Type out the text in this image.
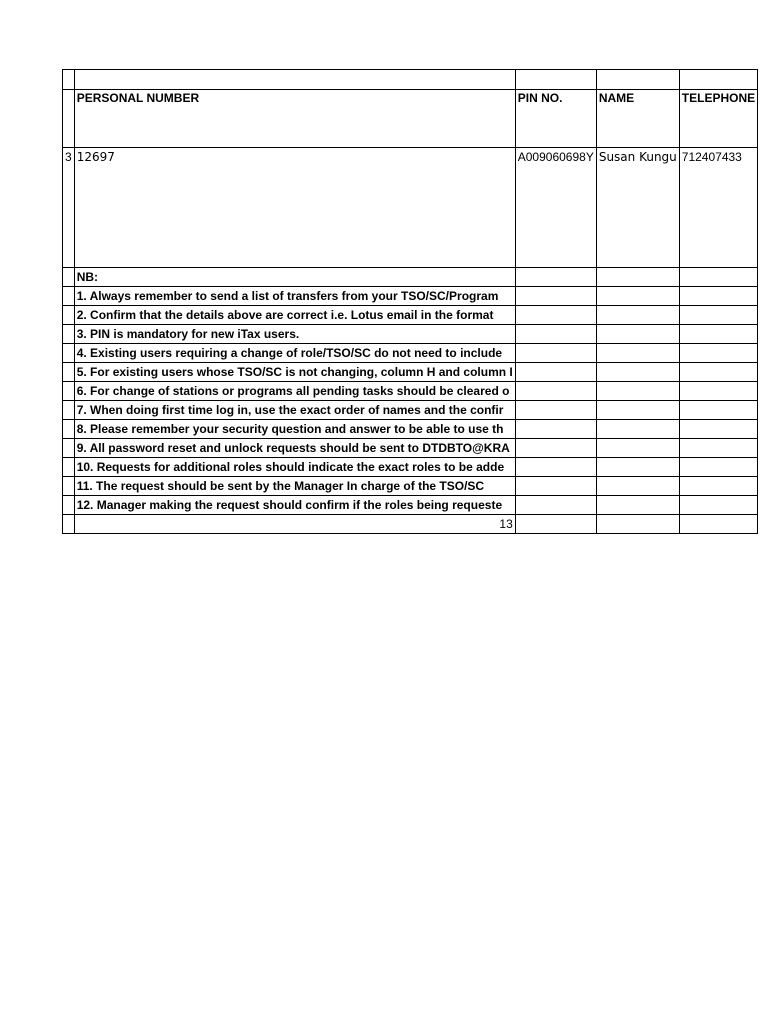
	PERSONAL NUMBER	PIN NO.	NAME	TELEPHONE
3	12697	A009060698Y	Susan Kungu	712407433
	NB:			
	1. Always remember to send a list of transfers from your TSO/SC/Program			
	2. Confirm that the details above are correct i.e. Lotus email in the format			
	3. PIN is mandatory for new iTax users.			
	4. Existing users requiring a change of role/TSO/SC do not need to include			
	5. For existing users whose TSO/SC is not changing, column H and column I			
	6. For change of stations or programs all pending tasks should be cleared o			
	7. When doing first time log in, use the exact order of names and the confir			
	8. Please remember your security question and answer to be able to use th			
	9. All password reset and unlock requests should be sent to DTDBTO@KRA			
	10. Requests for additional roles should indicate the exact roles to be adde			
	11. The request should be sent by the Manager In charge of the TSO/SC			
	12. Manager making the request should confirm if the roles being requeste			
	13			
